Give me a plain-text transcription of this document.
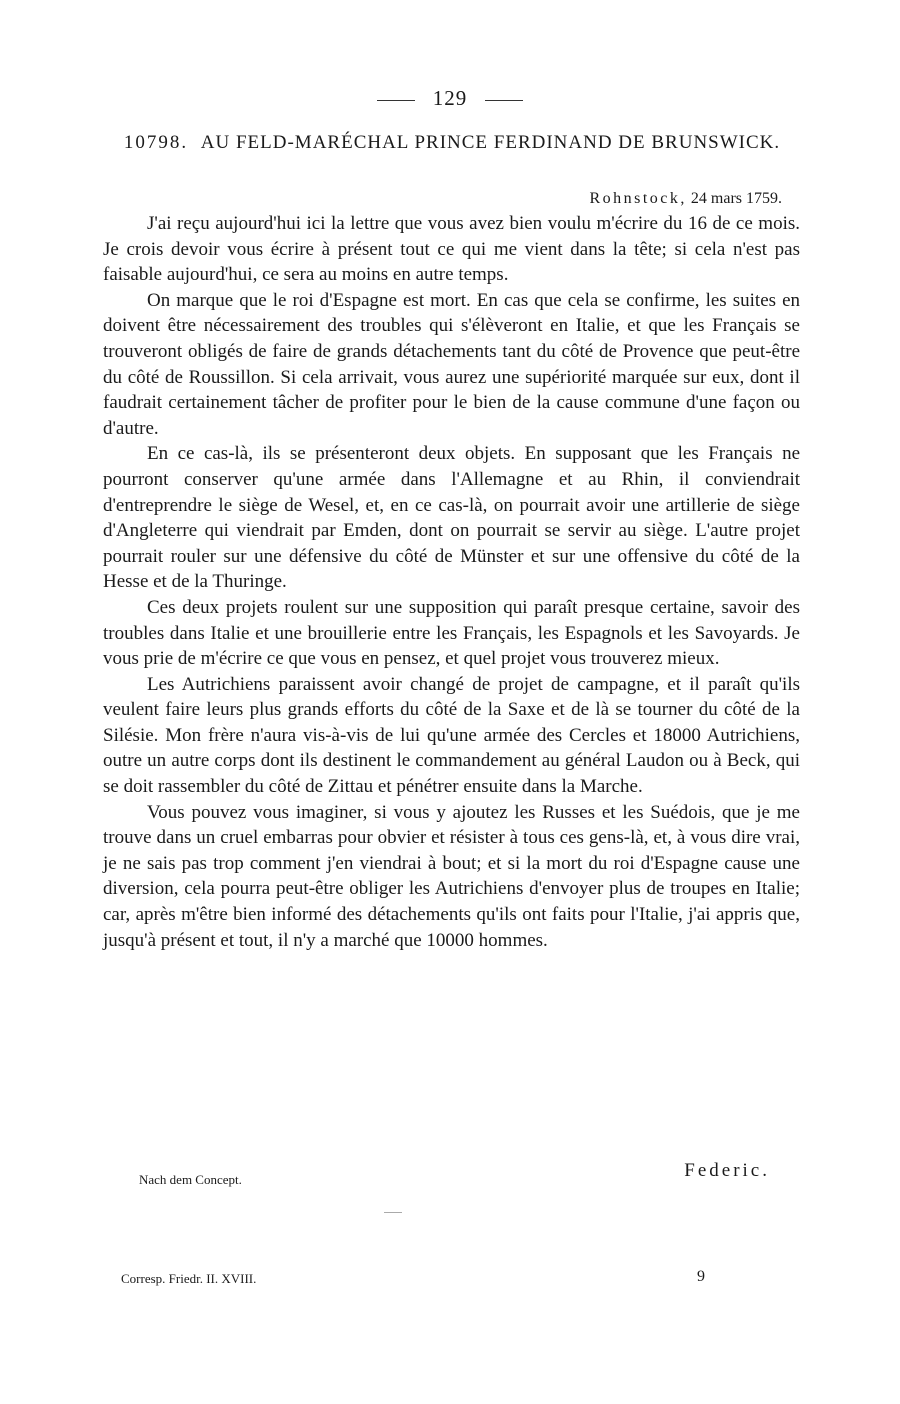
129
10798. AU FELD-MARÉCHAL PRINCE FERDINAND DE BRUNSWICK.
Rohnstock, 24 mars 1759.

J'ai reçu aujourd'hui ici la lettre que vous avez bien voulu m'écrire du 16 de ce mois. Je crois devoir vous écrire à présent tout ce qui me vient dans la tête; si cela n'est pas faisable aujourd'hui, ce sera au moins en autre temps.

On marque que le roi d'Espagne est mort. En cas que cela se confirme, les suites en doivent être nécessairement des troubles qui s'élèveront en Italie, et que les Français se trouveront obligés de faire de grands détachements tant du côté de Provence que peut-être du côté de Roussillon. Si cela arrivait, vous aurez une supériorité marquée sur eux, dont il faudrait certainement tâcher de profiter pour le bien de la cause commune d'une façon ou d'autre.

En ce cas-là, ils se présenteront deux objets. En supposant que les Français ne pourront conserver qu'une armée dans l'Allemagne et au Rhin, il conviendrait d'entreprendre le siège de Wesel, et, en ce cas-là, on pourrait avoir une artillerie de siège d'Angleterre qui viendrait par Emden, dont on pourrait se servir au siège. L'autre projet pourrait rouler sur une défensive du côté de Münster et sur une offensive du côté de la Hesse et de la Thuringe.

Ces deux projets roulent sur une supposition qui paraît presque certaine, savoir des troubles dans Italie et une brouillerie entre les Français, les Espagnols et les Savoyards. Je vous prie de m'écrire ce que vous en pensez, et quel projet vous trouverez mieux.

Les Autrichiens paraissent avoir changé de projet de campagne, et il paraît qu'ils veulent faire leurs plus grands efforts du côté de la Saxe et de là se tourner du côté de la Silésie. Mon frère n'aura vis-à-vis de lui qu'une armée des Cercles et 18000 Autrichiens, outre un autre corps dont ils destinent le commandement au général Laudon ou à Beck, qui se doit rassembler du côté de Zittau et pénétrer ensuite dans la Marche.

Vous pouvez vous imaginer, si vous y ajoutez les Russes et les Suédois, que je me trouve dans un cruel embarras pour obvier et résister à tous ces gens-là, et, à vous dire vrai, je ne sais pas trop comment j'en viendrai à bout; et si la mort du roi d'Espagne cause une diversion, cela pourra peut-être obliger les Autrichiens d'envoyer plus de troupes en Italie; car, après m'être bien informé des détachements qu'ils ont faits pour l'Italie, j'ai appris que, jusqu'à présent et tout, il n'y a marché que 10000 hommes.

Federic.
Nach dem Concept.
Corresp. Friedr. II. XVIII.	9
